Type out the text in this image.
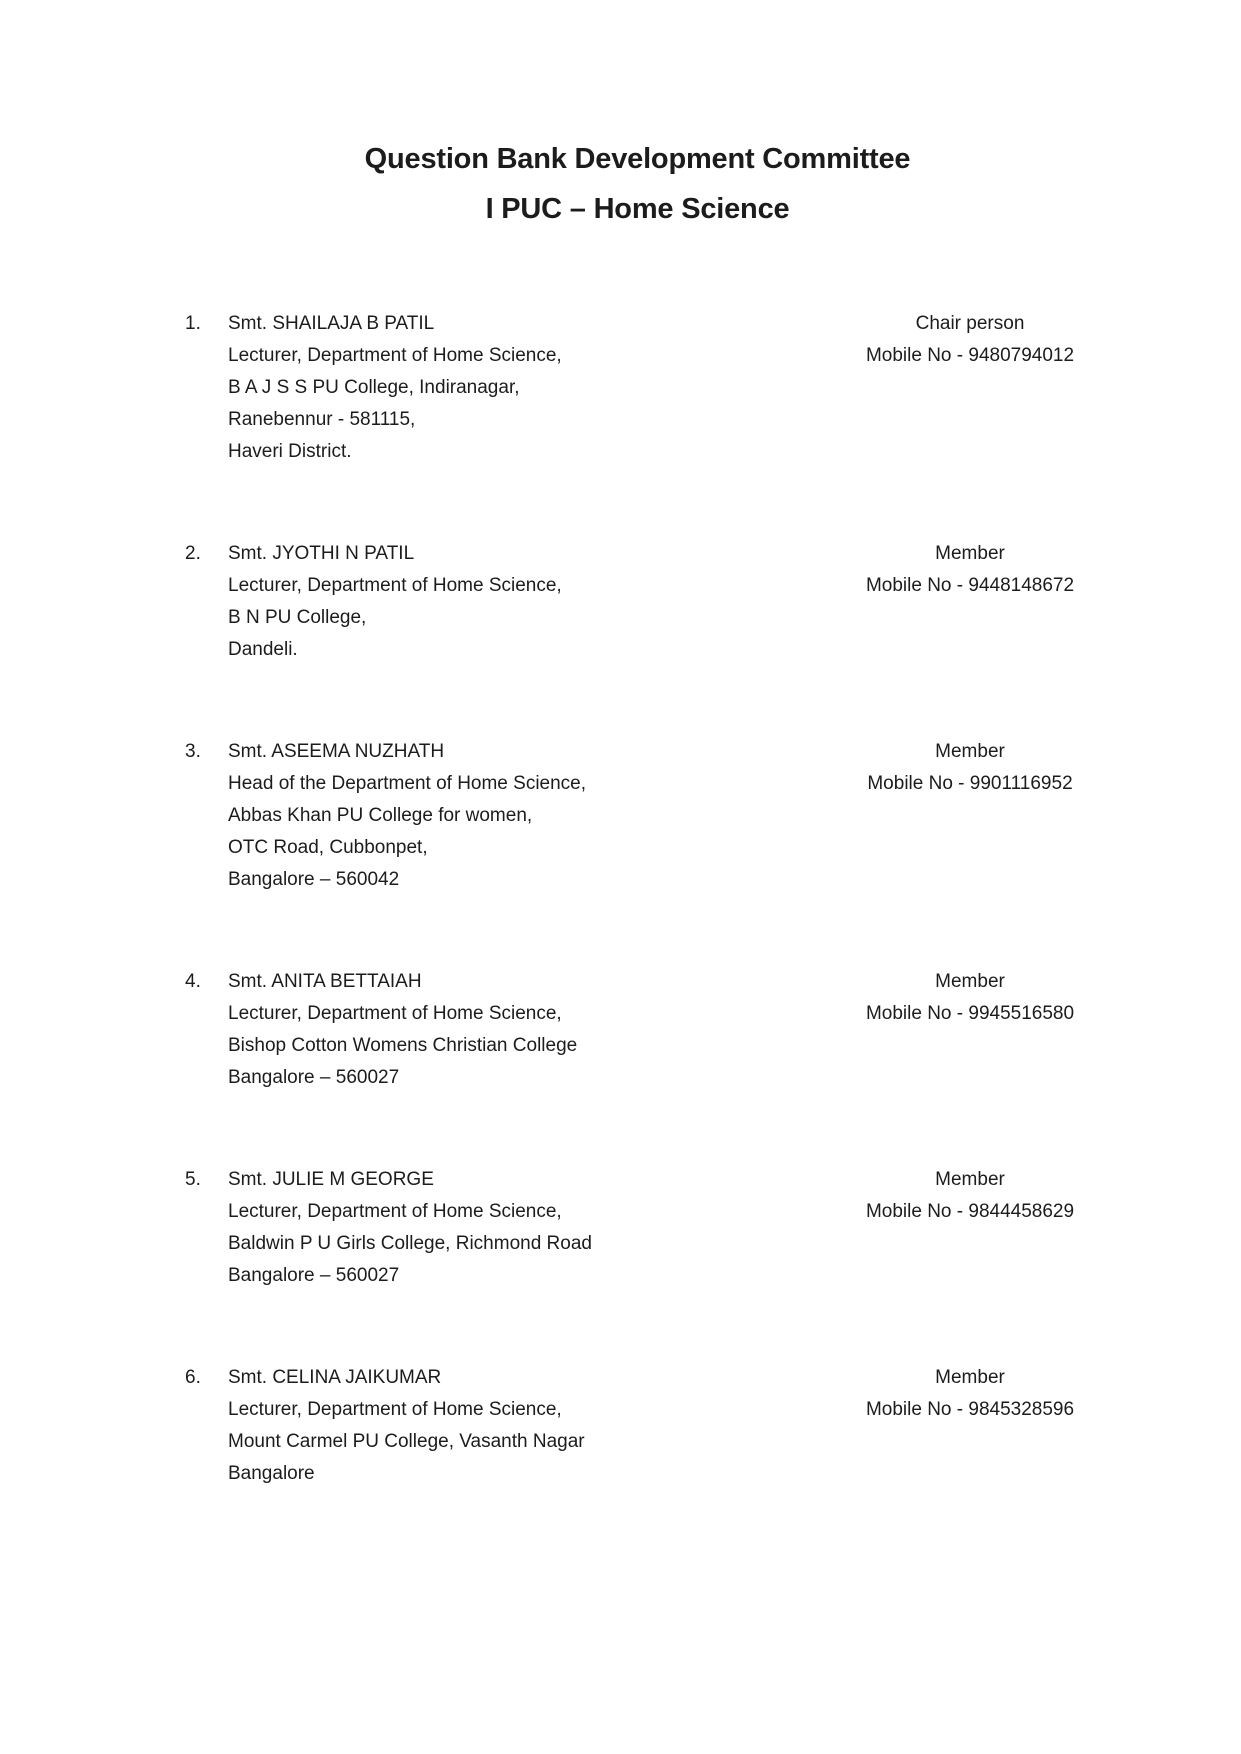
Question Bank Development Committee
I PUC – Home Science
1.	Smt. SHAILAJA B PATIL
Lecturer, Department of Home Science,
B A J S S PU College, Indiranagar,
Ranebennur - 581115,
Haveri District.
Chair person
Mobile No - 9480794012
2.	Smt. JYOTHI N PATIL
Lecturer, Department of Home Science,
B N PU College,
Dandeli.
Member
Mobile No - 9448148672
3.	Smt. ASEEMA NUZHATH
Head of the Department of Home Science,
Abbas Khan PU College for women,
OTC Road, Cubbonpet,
Bangalore – 560042
Member
Mobile No - 9901116952
4.	Smt. ANITA BETTAIAH
Lecturer, Department of Home Science,
Bishop Cotton Womens Christian College
Bangalore – 560027
Member
Mobile No - 9945516580
5.	Smt. JULIE M GEORGE
Lecturer, Department of Home Science,
Baldwin P U Girls College, Richmond Road
Bangalore – 560027
Member
Mobile No - 9844458629
6.	Smt. CELINA JAIKUMAR
Lecturer, Department of Home Science,
Mount Carmel PU College, Vasanth Nagar
Bangalore
Member
Mobile No - 9845328596
